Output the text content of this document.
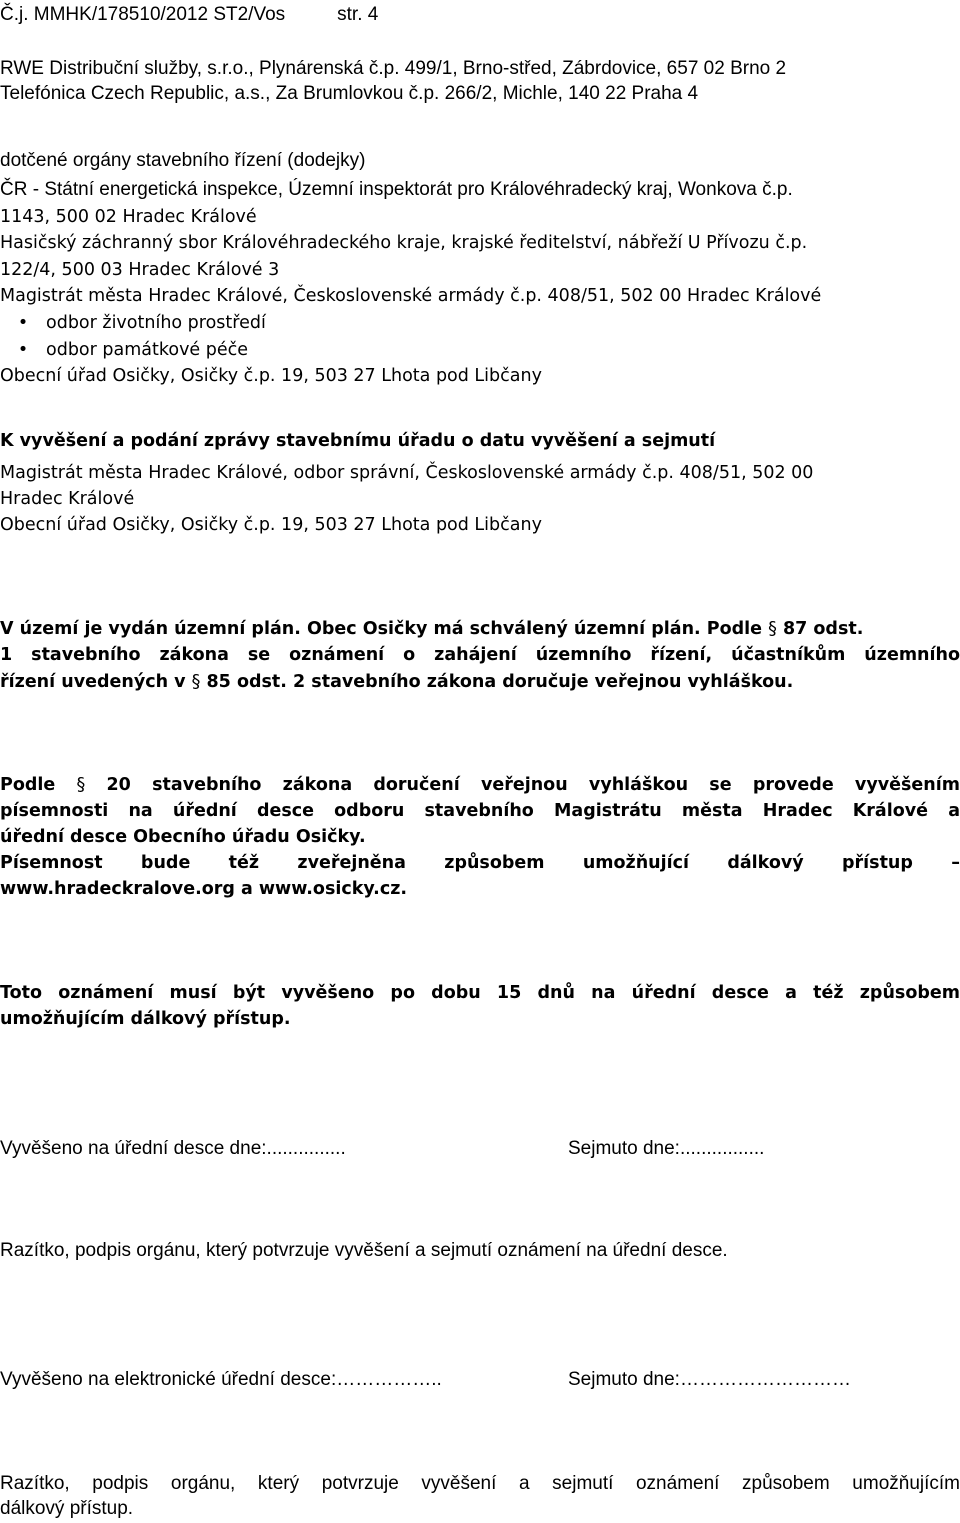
Č.j. MMHK/178510/2012 ST2/Vos	str. 4
RWE Distribuční služby, s.r.o., Plynárenská č.p. 499/1, Brno-střed, Zábrdovice, 657 02 Brno 2
Telefónica Czech Republic, a.s., Za Brumlovkou č.p. 266/2, Michle, 140 22 Praha 4
dotčené orgány stavebního řízení (dodejky)
ČR - Státní energetická inspekce, Územní inspektorát pro Královéhradecký kraj, Wonkova č.p.
1143, 500 02 Hradec Králové
Hasičský záchranný sbor Královéhradeckého kraje, krajské ředitelství, nábřeží U Přívozu č.p.
122/4, 500 03 Hradec Králové 3
Magistrát města Hradec Králové, Československé armády č.p. 408/51, 502 00 Hradec Králové
• odbor životního prostředí
• odbor památkové péče
Obecní úřad Osičky, Osičky č.p. 19, 503 27 Lhota pod Libčany
K vyvěšení a podání zprávy stavebnímu úřadu o datu vyvěšení a sejmutí
Magistrát města Hradec Králové, odbor správní, Československé armády č.p. 408/51, 502 00
Hradec Králové
Obecní úřad Osičky, Osičky č.p. 19, 503 27 Lhota pod Libčany
V území je vydán územní plán. Obec Osičky má schválený územní plán. Podle § 87 odst.
1 stavebního zákona se oznámení o zahájení územního řízení, účastníkům územního
řízení uvedených v § 85 odst. 2 stavebního zákona doručuje veřejnou vyhláškou.
Podle § 20 stavebního zákona doručení veřejnou vyhláškou se provede vyvěšením
písemnosti na úřední desce odboru stavebního Magistrátu města Hradec Králové a
úřední desce Obecního úřadu Osičky.
Písemnost bude též zveřejněna způsobem umožňující dálkový přístup –
www.hradeckralove.org a www.osicky.cz.
Toto oznámení musí být vyvěšeno po dobu 15 dnů na úřední desce a též způsobem
umožňujícím dálkový přístup.
Vyvěšeno na úřední desce dne:...............	Sejmuto dne:................
Razítko, podpis orgánu, který potvrzuje vyvěšení a sejmutí oznámení na úřední desce.
Vyvěšeno na elektronické úřední desce:……………..	Sejmuto dne:………………………
Razítko, podpis orgánu, který potvrzuje vyvěšení a sejmutí oznámení způsobem umožňujícím
dálkový přístup.
